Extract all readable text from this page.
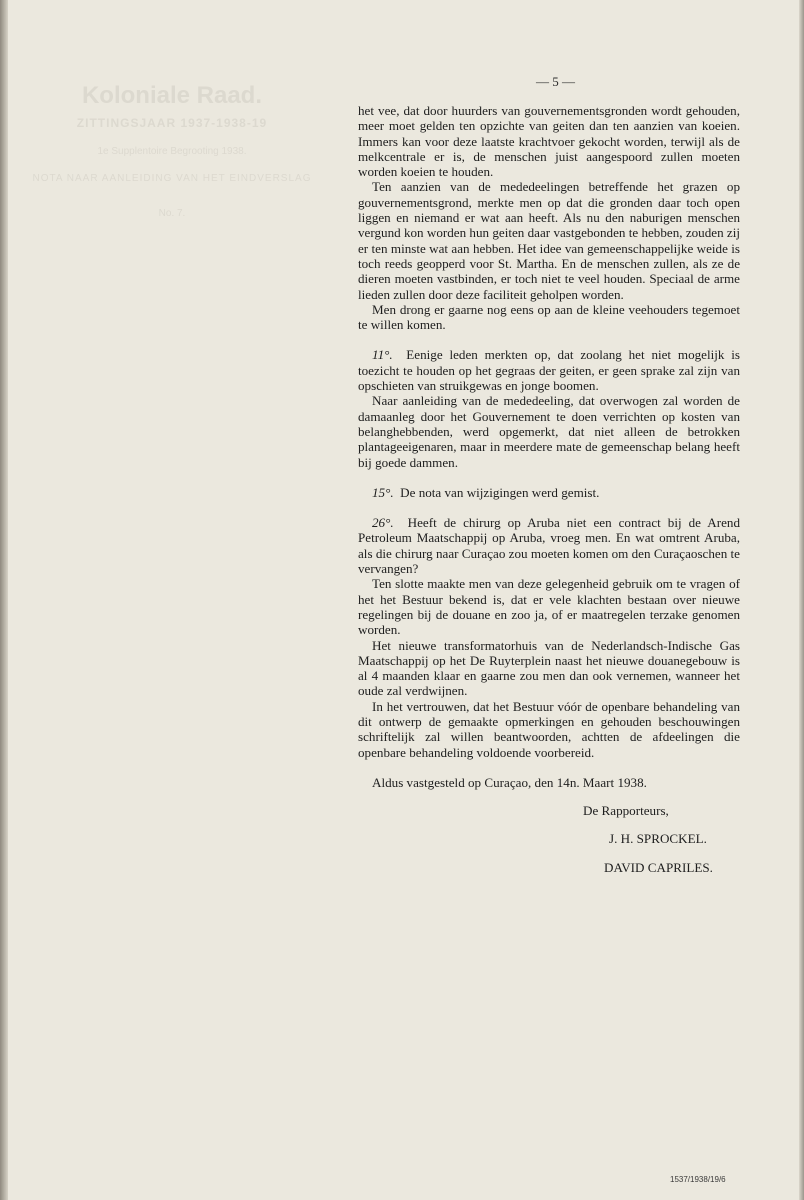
Koloniale Raad.
ZITTINGSJAAR 1937-1938-19
1e Supplentoire Begrooting 1938.
NOTA NAAR AANLEIDING VAN HET EINDVERSLAG
No. 7.
— 5 —

het vee, dat door huurders van gouvernementsgronden wordt gehouden, meer moet gelden ten opzichte van geiten dan ten aanzien van koeien. Immers kan voor deze laatste krachtvoer gekocht worden, terwijl als de melkcentrale er is, de menschen juist aangespoord zullen moeten worden koeien te houden.

Ten aanzien van de mededeelingen betreffende het grazen op gouvernementsgrond, merkte men op dat die gronden daar toch open liggen en niemand er wat aan heeft. Als nu den naburigen menschen vergund kon worden hun geiten daar vastgebonden te hebben, zouden zij er ten minste wat aan hebben. Het idee van gemeenschappelijke weide is toch reeds geopperd voor St. Martha. En de menschen zullen, als ze de dieren moeten vastbinden, er toch niet te veel houden. Speciaal de arme lieden zullen door deze faciliteit geholpen worden.

Men drong er gaarne nog eens op aan de kleine veehouders tegemoet te willen komen.

11°. Eenige leden merkten op, dat zoolang het niet mogelijk is toezicht te houden op het gegraas der geiten, er geen sprake zal zijn van opschieten van struikgewas en jonge boomen.

Naar aanleiding van de mededeeling, dat overwogen zal worden de damaanleg door het Gouvernement te doen verrichten op kosten van belanghebbenden, werd opgemerkt, dat niet alleen de betrokken plantageeigenaren, maar in meerdere mate de gemeenschap belang heeft bij goede dammen.

15°. De nota van wijzigingen werd gemist.

26°. Heeft de chirurg op Aruba niet een contract bij de Arend Petroleum Maatschappij op Aruba, vroeg men. En wat omtrent Aruba, als die chirurg naar Curaçao zou moeten komen om den Curaçaoschen te vervangen?

Ten slotte maakte men van deze gelegenheid gebruik om te vragen of het het Bestuur bekend is, dat er vele klachten bestaan over nieuwe regelingen bij de douane en zoo ja, of er maatregelen terzake genomen worden.

Het nieuwe transformatorhuis van de Nederlandsch-Indische Gas Maatschappij op het De Ruyterplein naast het nieuwe douanegebouw is al 4 maanden klaar en gaarne zou men dan ook vernemen, wanneer het oude zal verdwijnen.

In het vertrouwen, dat het Bestuur vóór de openbare behandeling van dit ontwerp de gemaakte opmerkingen en gehouden beschouwingen schriftelijk zal willen beantwoorden, achtten de afdeelingen die openbare behandeling voldoende voorbereid.

Aldus vastgesteld op Curaçao, den 14n. Maart 1938.

De Rapporteurs,

J. H. SPROCKEL.

DAVID CAPRILES.

1537/1938/19/6
